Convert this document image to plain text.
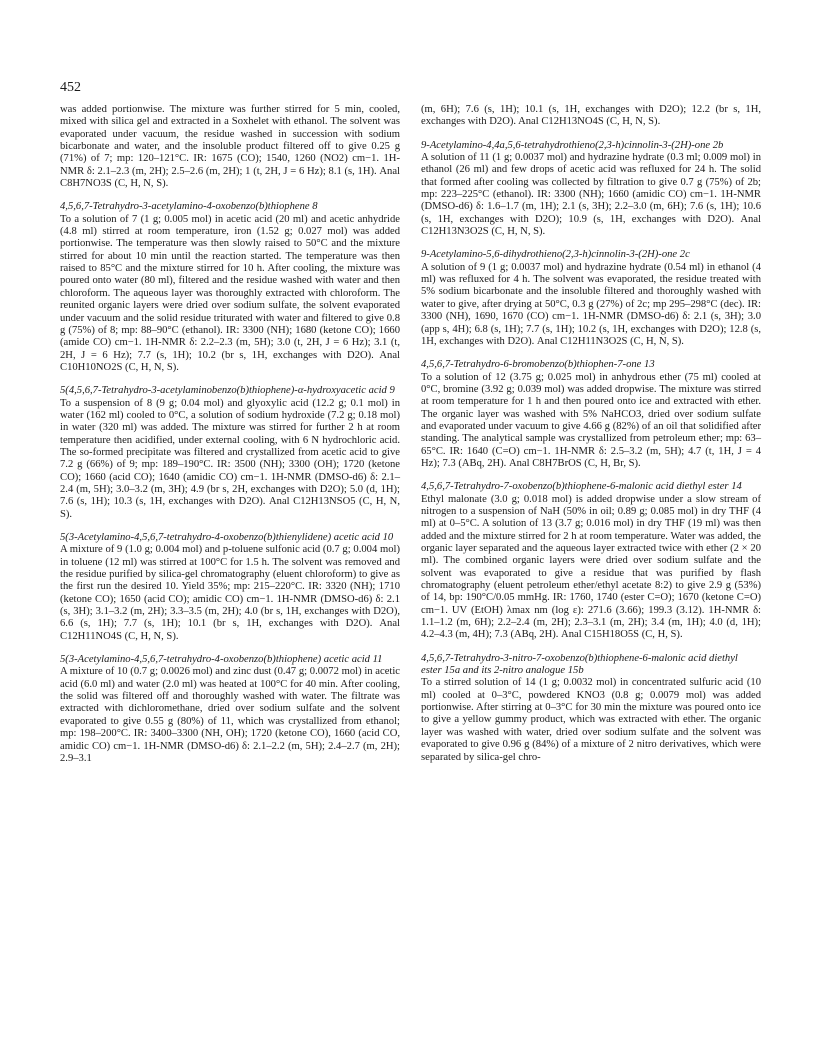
452

was added portionwise. The mixture was further stirred for 5 min, cooled, mixed with silica gel and extracted in a Soxhelet with ethanol. The solvent was evaporated under vacuum, the residue washed in succession with sodium bicarbonate and water, and the insoluble product filtered off to give 0.25 g (71%) of 7; mp: 120–121°C. IR: 1675 (CO); 1540, 1260 (NO2) cm−1. 1H-NMR δ: 2.1–2.3 (m, 2H); 2.5–2.6 (m, 2H); 1 (t, 2H, J = 6 Hz); 8.1 (s, 1H). Anal C8H7NO3S (C, H, N, S).

4,5,6,7-Tetrahydro-3-acetylamino-4-oxobenzo(b)thiophene 8

To a solution of 7 (1 g; 0.005 mol) in acetic acid (20 ml) and acetic anhydride (4.8 ml) stirred at room temperature, iron (1.52 g; 0.027 mol) was added portionwise. The temperature was then slowly raised to 50°C and the mixture stirred for about 10 min until the reaction started. The temperature was then raised to 85°C and the mixture stirred for 10 h. After cooling, the mixture was poured onto water (80 ml), filtered and the residue washed with water and then chloroform. The aqueous layer was thoroughly extracted with chloroform. The reunited organic layers were dried over sodium sulfate, the solvent evaporated under vacuum and the solid residue triturated with water and filtered to give 0.8 g (75%) of 8; mp: 88–90°C (ethanol). IR: 3300 (NH); 1680 (ketone CO); 1660 (amide CO) cm−1. 1H-NMR δ: 2.2–2.3 (m, 5H); 3.0 (t, 2H, J = 6 Hz); 3.1 (t, 2H, J = 6 Hz); 7.7 (s, 1H); 10.2 (br s, 1H, exchanges with D2O). Anal C10H10NO2S (C, H, N, S).

5(4,5,6,7-Tetrahydro-3-acetylaminobenzo(b)thiophene)-α-hydroxyacetic acid 9

To a suspension of 8 (9 g; 0.04 mol) and glyoxylic acid (12.2 g; 0.1 mol) in water (162 ml) cooled to 0°C, a solution of sodium hydroxide (7.2 g; 0.18 mol) in water (320 ml) was added. The mixture was stirred for further 2 h at room temperature then acidified, under external cooling, with 6 N hydrochloric acid. The so-formed precipitate was filtered and crystallized from acetic acid to give 7.2 g (66%) of 9; mp: 189–190°C. IR: 3500 (NH); 3300 (OH); 1720 (ketone CO); 1660 (acid CO); 1640 (amidic CO) cm−1. 1H-NMR (DMSO-d6) δ: 2.1–2.4 (m, 5H); 3.0–3.2 (m, 3H); 4.9 (br s, 2H, exchanges with D2O); 5.0 (d, 1H); 7.6 (s, 1H); 10.3 (s, 1H, exchanges with D2O). Anal C12H13NSO5 (C, H, N, S).

5(3-Acetylamino-4,5,6,7-tetrahydro-4-oxobenzo(b)thienylidene) acetic acid 10

A mixture of 9 (1.0 g; 0.004 mol) and p-toluene sulfonic acid (0.7 g; 0.004 mol) in toluene (12 ml) was stirred at 100°C for 1.5 h. The solvent was removed and the residue purified by silica-gel chromatography (eluent chloroform) to give as the first run the desired 10. Yield 35%; mp: 215–220°C. IR: 3320 (NH); 1710 (ketone CO); 1650 (acid CO); amidic CO) cm−1. 1H-NMR (DMSO-d6) δ: 2.1 (s, 3H); 3.1–3.2 (m, 2H); 3.3–3.5 (m, 2H); 4.0 (br s, 1H, exchanges with D2O), 6.6 (s, 1H); 7.7 (s, 1H); 10.1 (br s, 1H, exchanges with D2O). Anal C12H11NO4S (C, H, N, S).

5(3-Acetylamino-4,5,6,7-tetrahydro-4-oxobenzo(b)thiophene) acetic acid 11

A mixture of 10 (0.7 g; 0.0026 mol) and zinc dust (0.47 g; 0.0072 mol) in acetic acid (6.0 ml) and water (2.0 ml) was heated at 100°C for 40 min. After cooling, the solid was filtered off and thoroughly washed with water. The filtrate was extracted with dichloromethane, dried over sodium sulfate and the solvent evaporated to give 0.55 g (80%) of 11, which was crystallized from ethanol; mp: 198–200°C. IR: 3400–3300 (NH, OH); 1720 (ketone CO), 1660 (acid CO, amidic CO) cm−1. 1H-NMR (DMSO-d6) δ: 2.1–2.2 (m, 5H); 2.4–2.7 (m, 2H); 2.9–3.1

(m, 6H); 7.6 (s, 1H); 10.1 (s, 1H, exchanges with D2O); 12.2 (br s, 1H, exchanges with D2O). Anal C12H13NO4S (C, H, N, S).

9-Acetylamino-4,4a,5,6-tetrahydrothieno(2,3-h)cinnolin-3-(2H)-one 2b

A solution of 11 (1 g; 0.0037 mol) and hydrazine hydrate (0.3 ml; 0.009 mol) in ethanol (26 ml) and few drops of acetic acid was refluxed for 24 h. The solid that formed after cooling was collected by filtration to give 0.7 g (75%) of 2b; mp: 223–225°C (ethanol). IR: 3300 (NH); 1660 (amidic CO) cm−1. 1H-NMR (DMSO-d6) δ: 1.6–1.7 (m, 1H); 2.1 (s, 3H); 2.2–3.0 (m, 6H); 7.6 (s, 1H); 10.6 (s, 1H, exchanges with D2O); 10.9 (s, 1H, exchanges with D2O). Anal C12H13N3O2S (C, H, N, S).

9-Acetylamino-5,6-dihydrothieno(2,3-h)cinnolin-3-(2H)-one 2c

A solution of 9 (1 g; 0.0037 mol) and hydrazine hydrate (0.54 ml) in ethanol (4 ml) was refluxed for 4 h. The solvent was evaporated, the residue treated with 5% sodium bicarbonate and the insoluble filtered and thoroughly washed with water to give, after drying at 50°C, 0.3 g (27%) of 2c; mp 295–298°C (dec). IR: 3300 (NH), 1690, 1670 (CO) cm−1. 1H-NMR (DMSO-d6) δ: 2.1 (s, 3H); 3.0 (app s, 4H); 6.8 (s, 1H); 7.7 (s, 1H); 10.2 (s, 1H, exchanges with D2O); 12.8 (s, 1H, exchanges with D2O). Anal C12H11N3O2S (C, H, N, S).

4,5,6,7-Tetrahydro-6-bromobenzo(b)thiophen-7-one 13

To a solution of 12 (3.75 g; 0.025 mol) in anhydrous ether (75 ml) cooled at 0°C, bromine (3.92 g; 0.039 mol) was added dropwise. The mixture was stirred at room temperature for 1 h and then poured onto ice and extracted with ether. The organic layer was washed with 5% NaHCO3, dried over sodium sulfate and evaporated under vacuum to give 4.66 g (82%) of an oil that solidified after standing. The analytical sample was crystallized from petroleum ether; mp: 63–65°C. IR: 1640 (C=O) cm−1. 1H-NMR δ: 2.5–3.2 (m, 5H); 4.7 (t, 1H, J = 4 Hz); 7.3 (ABq, 2H). Anal C8H7BrOS (C, H, Br, S).

4,5,6,7-Tetrahydro-7-oxobenzo(b)thiophene-6-malonic acid diethyl ester 14

Ethyl malonate (3.0 g; 0.018 mol) is added dropwise under a slow stream of nitrogen to a suspension of NaH (50% in oil; 0.89 g; 0.085 mol) in dry THF (4 ml) at 0–5°C. A solution of 13 (3.7 g; 0.016 mol) in dry THF (19 ml) was then added and the mixture stirred for 2 h at room temperature. Water was added, the organic layer separated and the aqueous layer extracted twice with ether (2 × 20 ml). The combined organic layers were dried over sodium sulfate and the solvent was evaporated to give a residue that was purified by flash chromatography (eluent petroleum ether/ethyl acetate 8:2) to give 2.9 g (53%) of 14, bp: 190°C/0.05 mmHg. IR: 1760, 1740 (ester C=O); 1670 (ketone C=O) cm−1. UV (EtOH) λmax nm (log ε): 271.6 (3.66); 199.3 (3.12). 1H-NMR δ: 1.1–1.2 (m, 6H); 2.2–2.4 (m, 2H); 2.3–3.1 (m, 2H); 3.4 (m, 1H); 4.0 (d, 1H); 4.2–4.3 (m, 4H); 7.3 (ABq, 2H). Anal C15H18O5S (C, H, S).

4,5,6,7-Tetrahydro-3-nitro-7-oxobenzo(b)thiophene-6-malonic acid diethyl ester 15a and its 2-nitro analogue 15b

To a stirred solution of 14 (1 g; 0.0032 mol) in concentrated sulfuric acid (10 ml) cooled at 0–3°C, powdered KNO3 (0.8 g; 0.0079 mol) was added portionwise. After stirring at 0–3°C for 30 min the mixture was poured onto ice to give a yellow gummy product, which was extracted with ether. The organic layer was washed with water, dried over sodium sulfate and the solvent was evaporated to give 0.96 g (84%) of a mixture of 2 nitro derivatives, which were separated by silica-gel chro-
